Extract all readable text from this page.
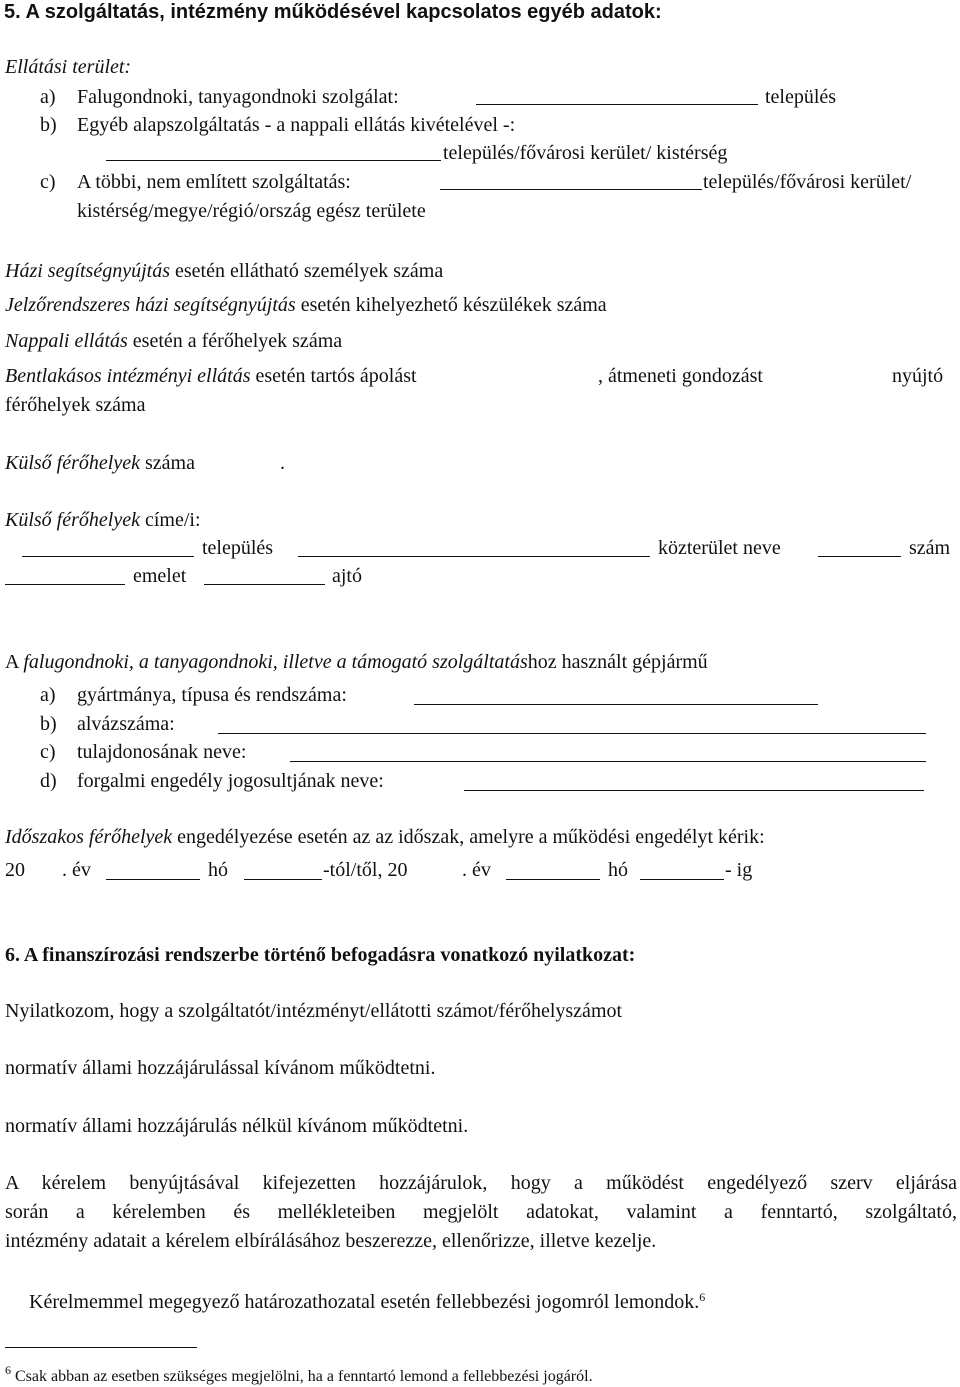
5. A szolgáltatás, intézmény működésével kapcsolatos egyéb adatok:
Ellátási terület:
a) Falugondnoki, tanyagondnoki szolgálat:	település
b) Egyéb alapszolgáltatás - a nappali ellátás kivételével -:
település/fővárosi kerület/ kistérség
c) A többi, nem említett szolgáltatás:	település/fővárosi kerület/
kistérség/megye/régió/ország egész területe
Házi segítségnyújtás esetén ellátható személyek száma
Jelzőrendszeres házi segítségnyújtás esetén kihelyezhető készülékek száma
Nappali ellátás esetén a férőhelyek száma
Bentlakásos intézményi ellátás esetén tartós ápolást	, átmeneti gondozást	nyújtó
férőhelyek száma
Külső férőhelyek száma	.
Külső férőhelyek címe/i:
település	közterület neve	szám
emelet	ajtó
A falugondnoki, a tanyagondnoki, illetve a támogató szolgáltatáshoz használt gépjármű
a) gyártmánya, típusa és rendszáma:
b) alvázszáma:
c) tulajdonosának neve:
d) forgalmi engedély jogosultjának neve:
Időszakos férőhelyek engedélyezése esetén az az időszak, amelyre a működési engedélyt kérik:
20 . év	hó	-tól/től, 20	. év	hó	- ig
6. A finanszírozási rendszerbe történő befogadásra vonatkozó nyilatkozat:
Nyilatkozom, hogy a szolgáltatót/intézményt/ellátotti számot/férőhelyszámot
normatív állami hozzájárulással kívánom működtetni.
normatív állami hozzájárulás nélkül kívánom működtetni.
A kérelem benyújtásával kifejezetten hozzájárulok, hogy a működést engedélyező szerv eljárása
során a kérelemben és mellékleteiben megjelölt adatokat, valamint a fenntartó, szolgáltató,
intézmény adatait a kérelem elbírálásához beszerezze, ellenőrizze, illetve kezelje.
Kérelmemmel megegyező határozathozatal esetén fellebbezési jogomról lemondok.$^6$
$^6$ Csak abban az esetben szükséges megjelölni, ha a fenntartó lemond a fellebbezési jogáról.
